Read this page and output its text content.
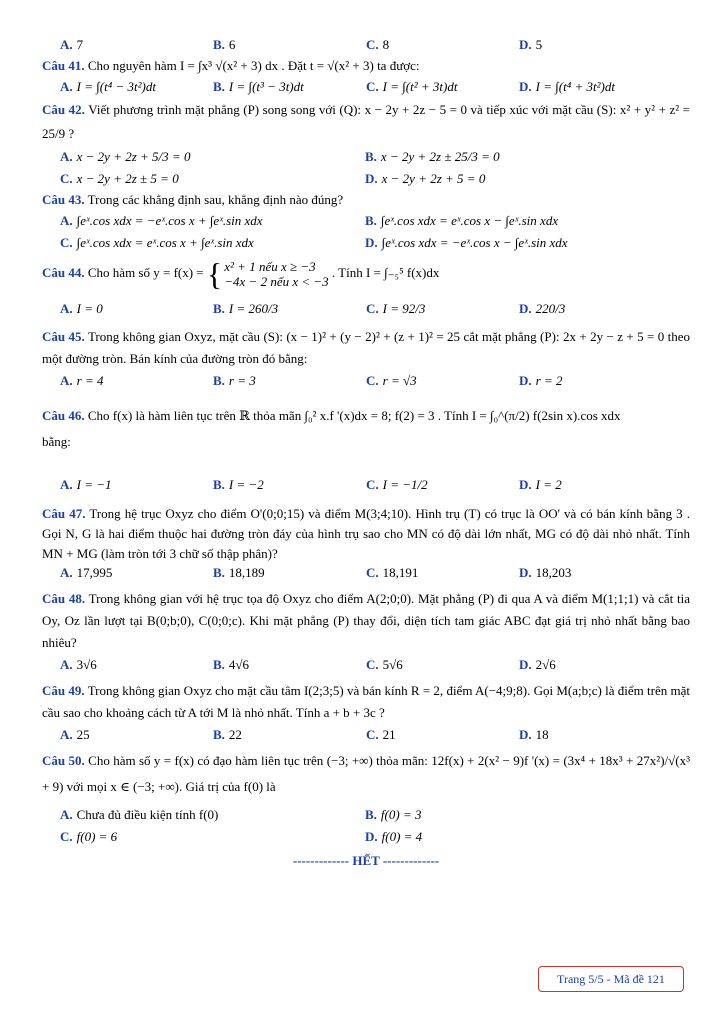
A. 7	B. 6	C. 8	D. 5

Câu 41. Cho nguyên hàm I = ∫x³ √(x² + 3) dx . Đặt t = √(x² + 3) ta được:

A. I = ∫(t⁴ − 3t²)dt	B. I = ∫(t³ − 3t)dt	C. I = ∫(t² + 3t)dt	D. I = ∫(t⁴ + 3t²)dt

Câu 42. Viết phương trình mặt phẳng (P) song song với (Q): x − 2y + 2z − 5 = 0 và tiếp xúc với mặt cầu (S): x² + y² + z² = 25/9 ?

A. x − 2y + 2z + 5/3 = 0	B. x − 2y + 2z ± 25/3 = 0
C. x − 2y + 2z ± 5 = 0	D. x − 2y + 2z + 5 = 0

Câu 43. Trong các khẳng định sau, khẳng định nào đúng?

A. ∫eˣ.cos xdx = −eˣ.cos x + ∫eˣ.sin xdx	B. ∫eˣ.cos xdx = eˣ.cos x − ∫eˣ.sin xdx
C. ∫eˣ.cos xdx = eˣ.cos x + ∫eˣ.sin xdx	D. ∫eˣ.cos xdx = −eˣ.cos x − ∫eˣ.sin xdx

Câu 44. Cho hàm số y = f(x) = { x² + 1 nếu x ≥ −3
−4x − 2 nếu x < −3
. Tính I = ∫₋₅⁵ f(x)dx

A. I = 0	B. I = 260/3	C. I = 92/3	D. 220/3

Câu 45. Trong không gian Oxyz, mặt cầu (S): (x − 1)² + (y − 2)² + (z + 1)² = 25 cắt mặt phẳng (P): 2x + 2y − z + 5 = 0 theo một đường tròn. Bán kính của đường tròn đó bằng:

A. r = 4	B. r = 3	C. r = √3	D. r = 2

Câu 46. Cho f(x) là hàm liên tục trên ℝ thỏa mãn ∫₀² x.f '(x)dx = 8; f(2) = 3 . Tính I = ∫₀^(π/2) f(2sin x).cos xdx

bằng:

A. I = −1	B. I = −2	C. I = −1/2	D. I = 2

Câu 47. Trong hệ trục Oxyz cho điểm O'(0;0;15) và điểm M(3;4;10). Hình trụ (T) có trục là OO' và có bán kính bằng 3 . Gọi N, G là hai điểm thuộc hai đường tròn đáy của hình trụ sao cho MN có độ dài lớn nhất, MG có độ dài nhỏ nhất. Tính MN + MG (làm tròn tới 3 chữ số thập phân)?

A. 17,995	B. 18,189	C. 18,191	D. 18,203

Câu 48. Trong không gian với hệ trục tọa độ Oxyz cho điểm A(2;0;0). Mặt phẳng (P) đi qua A và điểm M(1;1;1) và cắt tia Oy, Oz lần lượt tại B(0;b;0), C(0;0;c). Khi mặt phẳng (P) thay đổi, diện tích tam giác ABC đạt giá trị nhỏ nhất bằng bao nhiêu?

A. 3√6	B. 4√6	C. 5√6	D. 2√6

Câu 49. Trong không gian Oxyz cho mặt cầu tâm I(2;3;5) và bán kính R = 2, điểm A(−4;9;8). Gọi M(a;b;c) là điểm trên mặt cầu sao cho khoảng cách từ A tới M là nhỏ nhất. Tính a + b + 3c ?

A. 25	B. 22	C. 21	D. 18

Câu 50. Cho hàm số y = f(x) có đạo hàm liên tục trên (−3; +∞) thỏa mãn: 12f(x) + 2(x² − 9)f '(x) = (3x⁴ + 18x³ + 27x²)/√(x³ + 9) với mọi x ∈ (−3; +∞). Giá trị của f(0) là

A. Chưa đủ điều kiện tính f(0)	B. f(0) = 3
C. f(0) = 6	D. f(0) = 4
------------- HẾT -------------
Trang 5/5 - Mã đề 121
